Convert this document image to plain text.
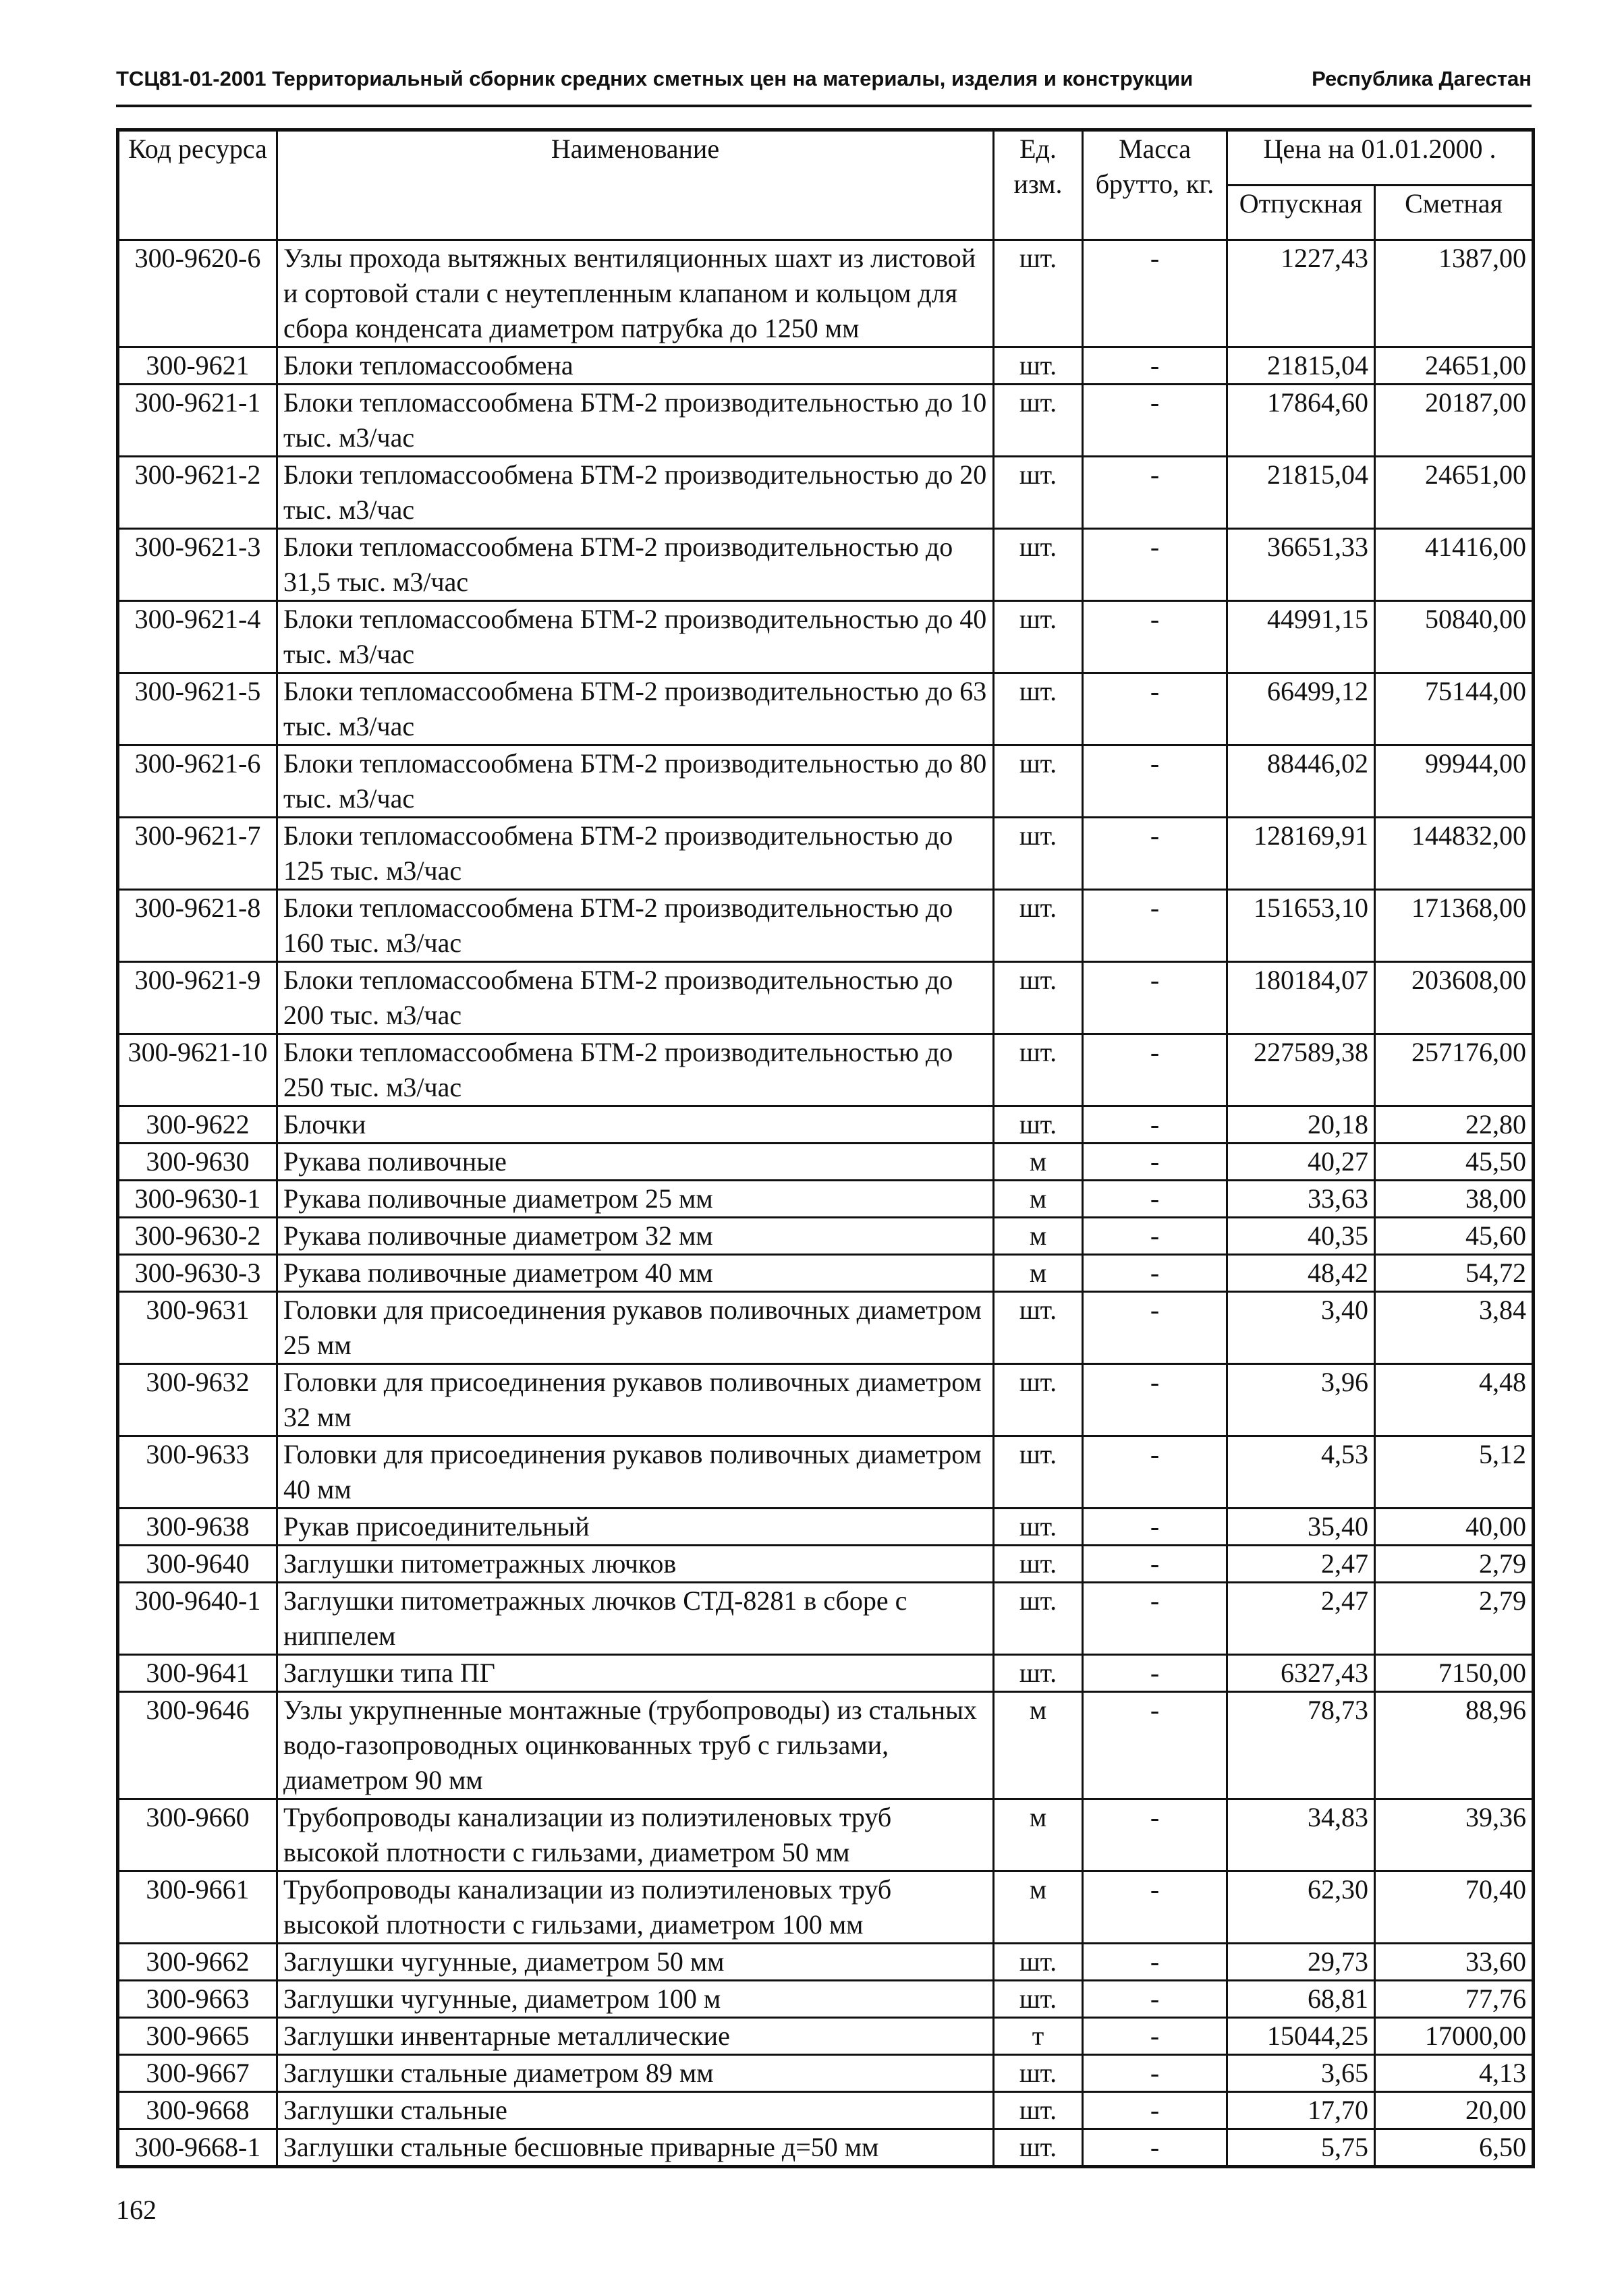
ТСЦ81-01-2001 Территориальный сборник средних сметных цен на материалы, изделия и конструкции	Республика Дагестан
Код ресурса	Наименование	Ед. изм.	Масса брутто, кг.	Цена на 01.01.2000 .	
				Отпускная	Сметная
300-9620-6	Узлы прохода вытяжных вентиляционных шахт из листовой и сортовой стали с неутепленным клапаном и кольцом для сбора конденсата диаметром патрубка до 1250 мм	шт.	-	1227,43	1387,00
300-9621	Блоки тепломассообмена	шт.	-	21815,04	24651,00
300-9621-1	Блоки тепломассообмена БТМ-2 производительностью до 10 тыс. м3/час	шт.	-	17864,60	20187,00
300-9621-2	Блоки тепломассообмена БТМ-2 производительностью до 20 тыс. м3/час	шт.	-	21815,04	24651,00
300-9621-3	Блоки тепломассообмена БТМ-2 производительностью до 31,5 тыс. м3/час	шт.	-	36651,33	41416,00
300-9621-4	Блоки тепломассообмена БТМ-2 производительностью до 40 тыс. м3/час	шт.	-	44991,15	50840,00
300-9621-5	Блоки тепломассообмена БТМ-2 производительностью до 63 тыс. м3/час	шт.	-	66499,12	75144,00
300-9621-6	Блоки тепломассообмена БТМ-2 производительностью до 80 тыс. м3/час	шт.	-	88446,02	99944,00
300-9621-7	Блоки тепломассообмена БТМ-2 производительностью до 125 тыс. м3/час	шт.	-	128169,91	144832,00
300-9621-8	Блоки тепломассообмена БТМ-2 производительностью до 160 тыс. м3/час	шт.	-	151653,10	171368,00
300-9621-9	Блоки тепломассообмена БТМ-2 производительностью до 200 тыс. м3/час	шт.	-	180184,07	203608,00
300-9621-10	Блоки тепломассообмена БТМ-2 производительностью до 250 тыс. м3/час	шт.	-	227589,38	257176,00
300-9622	Блочки	шт.	-	20,18	22,80
300-9630	Рукава поливочные	м	-	40,27	45,50
300-9630-1	Рукава поливочные диаметром 25 мм	м	-	33,63	38,00
300-9630-2	Рукава поливочные диаметром 32 мм	м	-	40,35	45,60
300-9630-3	Рукава поливочные диаметром 40 мм	м	-	48,42	54,72
300-9631	Головки для присоединения рукавов поливочных диаметром 25 мм	шт.	-	3,40	3,84
300-9632	Головки для присоединения рукавов поливочных диаметром 32 мм	шт.	-	3,96	4,48
300-9633	Головки для присоединения рукавов поливочных диаметром 40 мм	шт.	-	4,53	5,12
300-9638	Рукав присоединительный	шт.	-	35,40	40,00
300-9640	Заглушки питометражных лючков	шт.	-	2,47	2,79
300-9640-1	Заглушки питометражных лючков СТД-8281 в сборе с ниппелем	шт.	-	2,47	2,79
300-9641	Заглушки типа ПГ	шт.	-	6327,43	7150,00
300-9646	Узлы укрупненные монтажные (трубопроводы) из стальных водо-газопроводных оцинкованных труб с гильзами, диаметром 90 мм	м	-	78,73	88,96
300-9660	Трубопроводы канализации из полиэтиленовых труб высокой плотности с гильзами, диаметром 50 мм	м	-	34,83	39,36
300-9661	Трубопроводы канализации из полиэтиленовых труб высокой плотности с гильзами, диаметром 100 мм	м	-	62,30	70,40
300-9662	Заглушки чугунные, диаметром 50 мм	шт.	-	29,73	33,60
300-9663	Заглушки чугунные, диаметром 100 м	шт.	-	68,81	77,76
300-9665	Заглушки инвентарные металлические	т	-	15044,25	17000,00
300-9667	Заглушки стальные диаметром 89 мм	шт.	-	3,65	4,13
300-9668	Заглушки стальные	шт.	-	17,70	20,00
300-9668-1	Заглушки стальные бесшовные приварные д=50 мм	шт.	-	5,75	6,50
162
